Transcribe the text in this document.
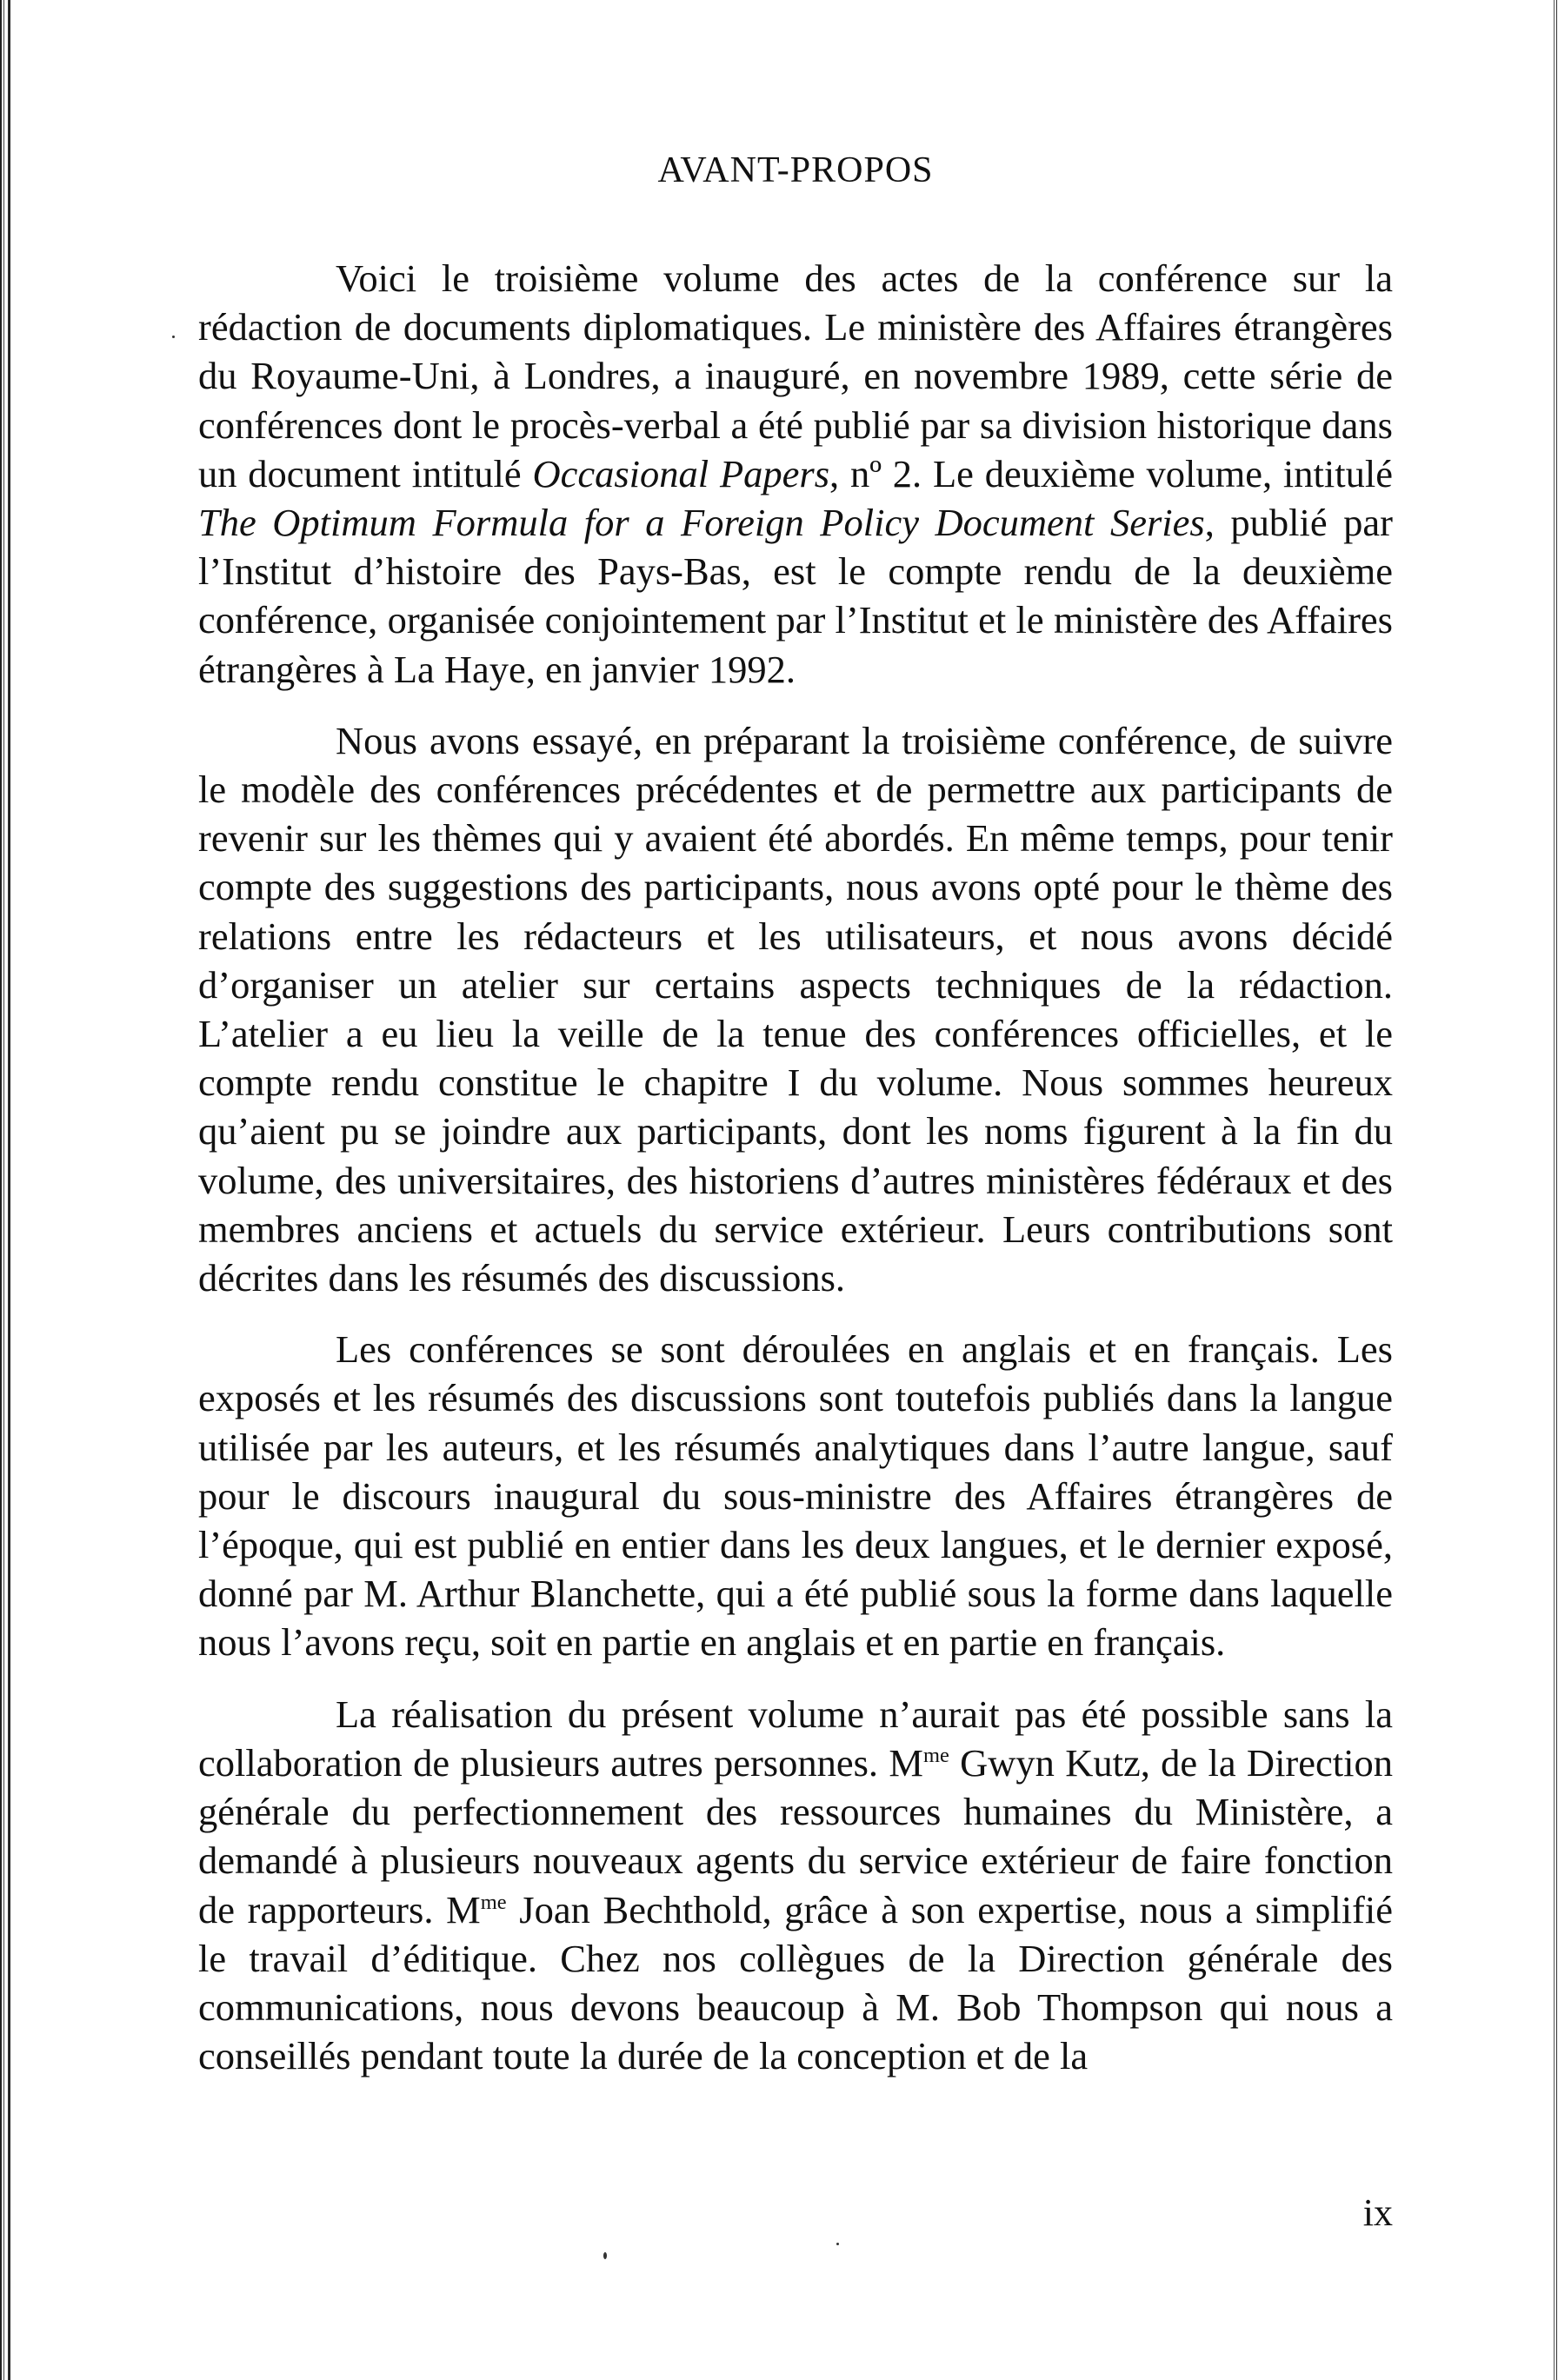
AVANT-PROPOS

Voici le troisième volume des actes de la conférence sur la rédaction de documents diplomatiques. Le ministère des Affaires étrangères du Royaume-Uni, à Londres, a inauguré, en novembre 1989, cette série de conférences dont le procès-verbal a été publié par sa division historique dans un document intitulé Occasional Papers, nº 2. Le deuxième volume, intitulé The Optimum Formula for a Foreign Policy Document Series, publié par l’Institut d’histoire des Pays-Bas, est le compte rendu de la deuxième conférence, organisée conjointement par l’Institut et le ministère des Affaires étrangères à La Haye, en janvier 1992.

Nous avons essayé, en préparant la troisième conférence, de suivre le modèle des conférences précédentes et de permettre aux participants de revenir sur les thèmes qui y avaient été abordés. En même temps, pour tenir compte des suggestions des participants, nous avons opté pour le thème des relations entre les rédacteurs et les utilisateurs, et nous avons décidé d’organiser un atelier sur certains aspects techniques de la rédaction. L’atelier a eu lieu la veille de la tenue des conférences officielles, et le compte rendu constitue le chapitre I du volume. Nous sommes heureux qu’aient pu se joindre aux participants, dont les noms figurent à la fin du volume, des universitaires, des historiens d’autres ministères fédéraux et des membres anciens et actuels du service extérieur. Leurs contributions sont décrites dans les résumés des discussions.

Les conférences se sont déroulées en anglais et en français. Les exposés et les résumés des discussions sont toutefois publiés dans la langue utilisée par les auteurs, et les résumés analytiques dans l’autre langue, sauf pour le discours inaugural du sous-ministre des Affaires étrangères de l’époque, qui est publié en entier dans les deux langues, et le dernier exposé, donné par M. Arthur Blanchette, qui a été publié sous la forme dans laquelle nous l’avons reçu, soit en partie en anglais et en partie en français.

La réalisation du présent volume n’aurait pas été possible sans la collaboration de plusieurs autres personnes. $M^{me}$ Gwyn Kutz, de la Direction générale du perfectionnement des ressources humaines du Ministère, a demandé à plusieurs nouveaux agents du service extérieur de faire fonction de rapporteurs. $M^{me}$ Joan Bechthold, grâce à son expertise, nous a simplifié le travail d’éditique. Chez nos collègues de la Direction générale des communications, nous devons beaucoup à M. Bob Thompson qui nous a conseillés pendant toute la durée de la conception et de la

ix
